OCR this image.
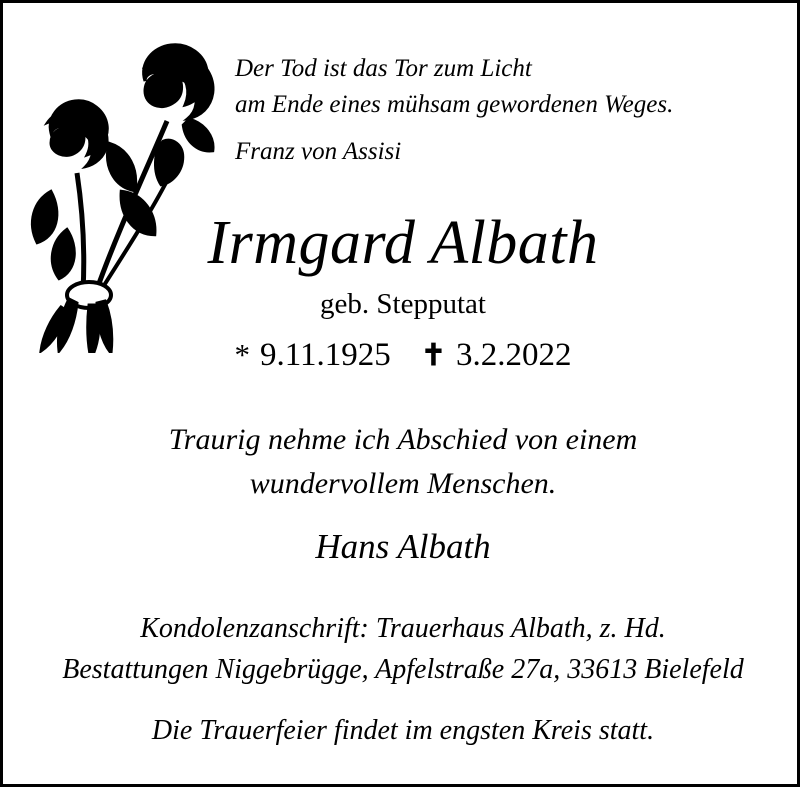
Der Tod ist das Tor zum Licht
am Ende eines mühsam gewordenen Weges.
Franz von Assisi
Irmgard Albath
geb. Stepputat
* 9.11.1925 ✝ 3.2.2022
Traurig nehme ich Abschied von einem
wundervollem Menschen.
Hans Albath
Kondolenzanschrift: Trauerhaus Albath, z. Hd.
Bestattungen Niggebrügge, Apfelstraße 27a, 33613 Bielefeld
Die Trauerfeier findet im engsten Kreis statt.
